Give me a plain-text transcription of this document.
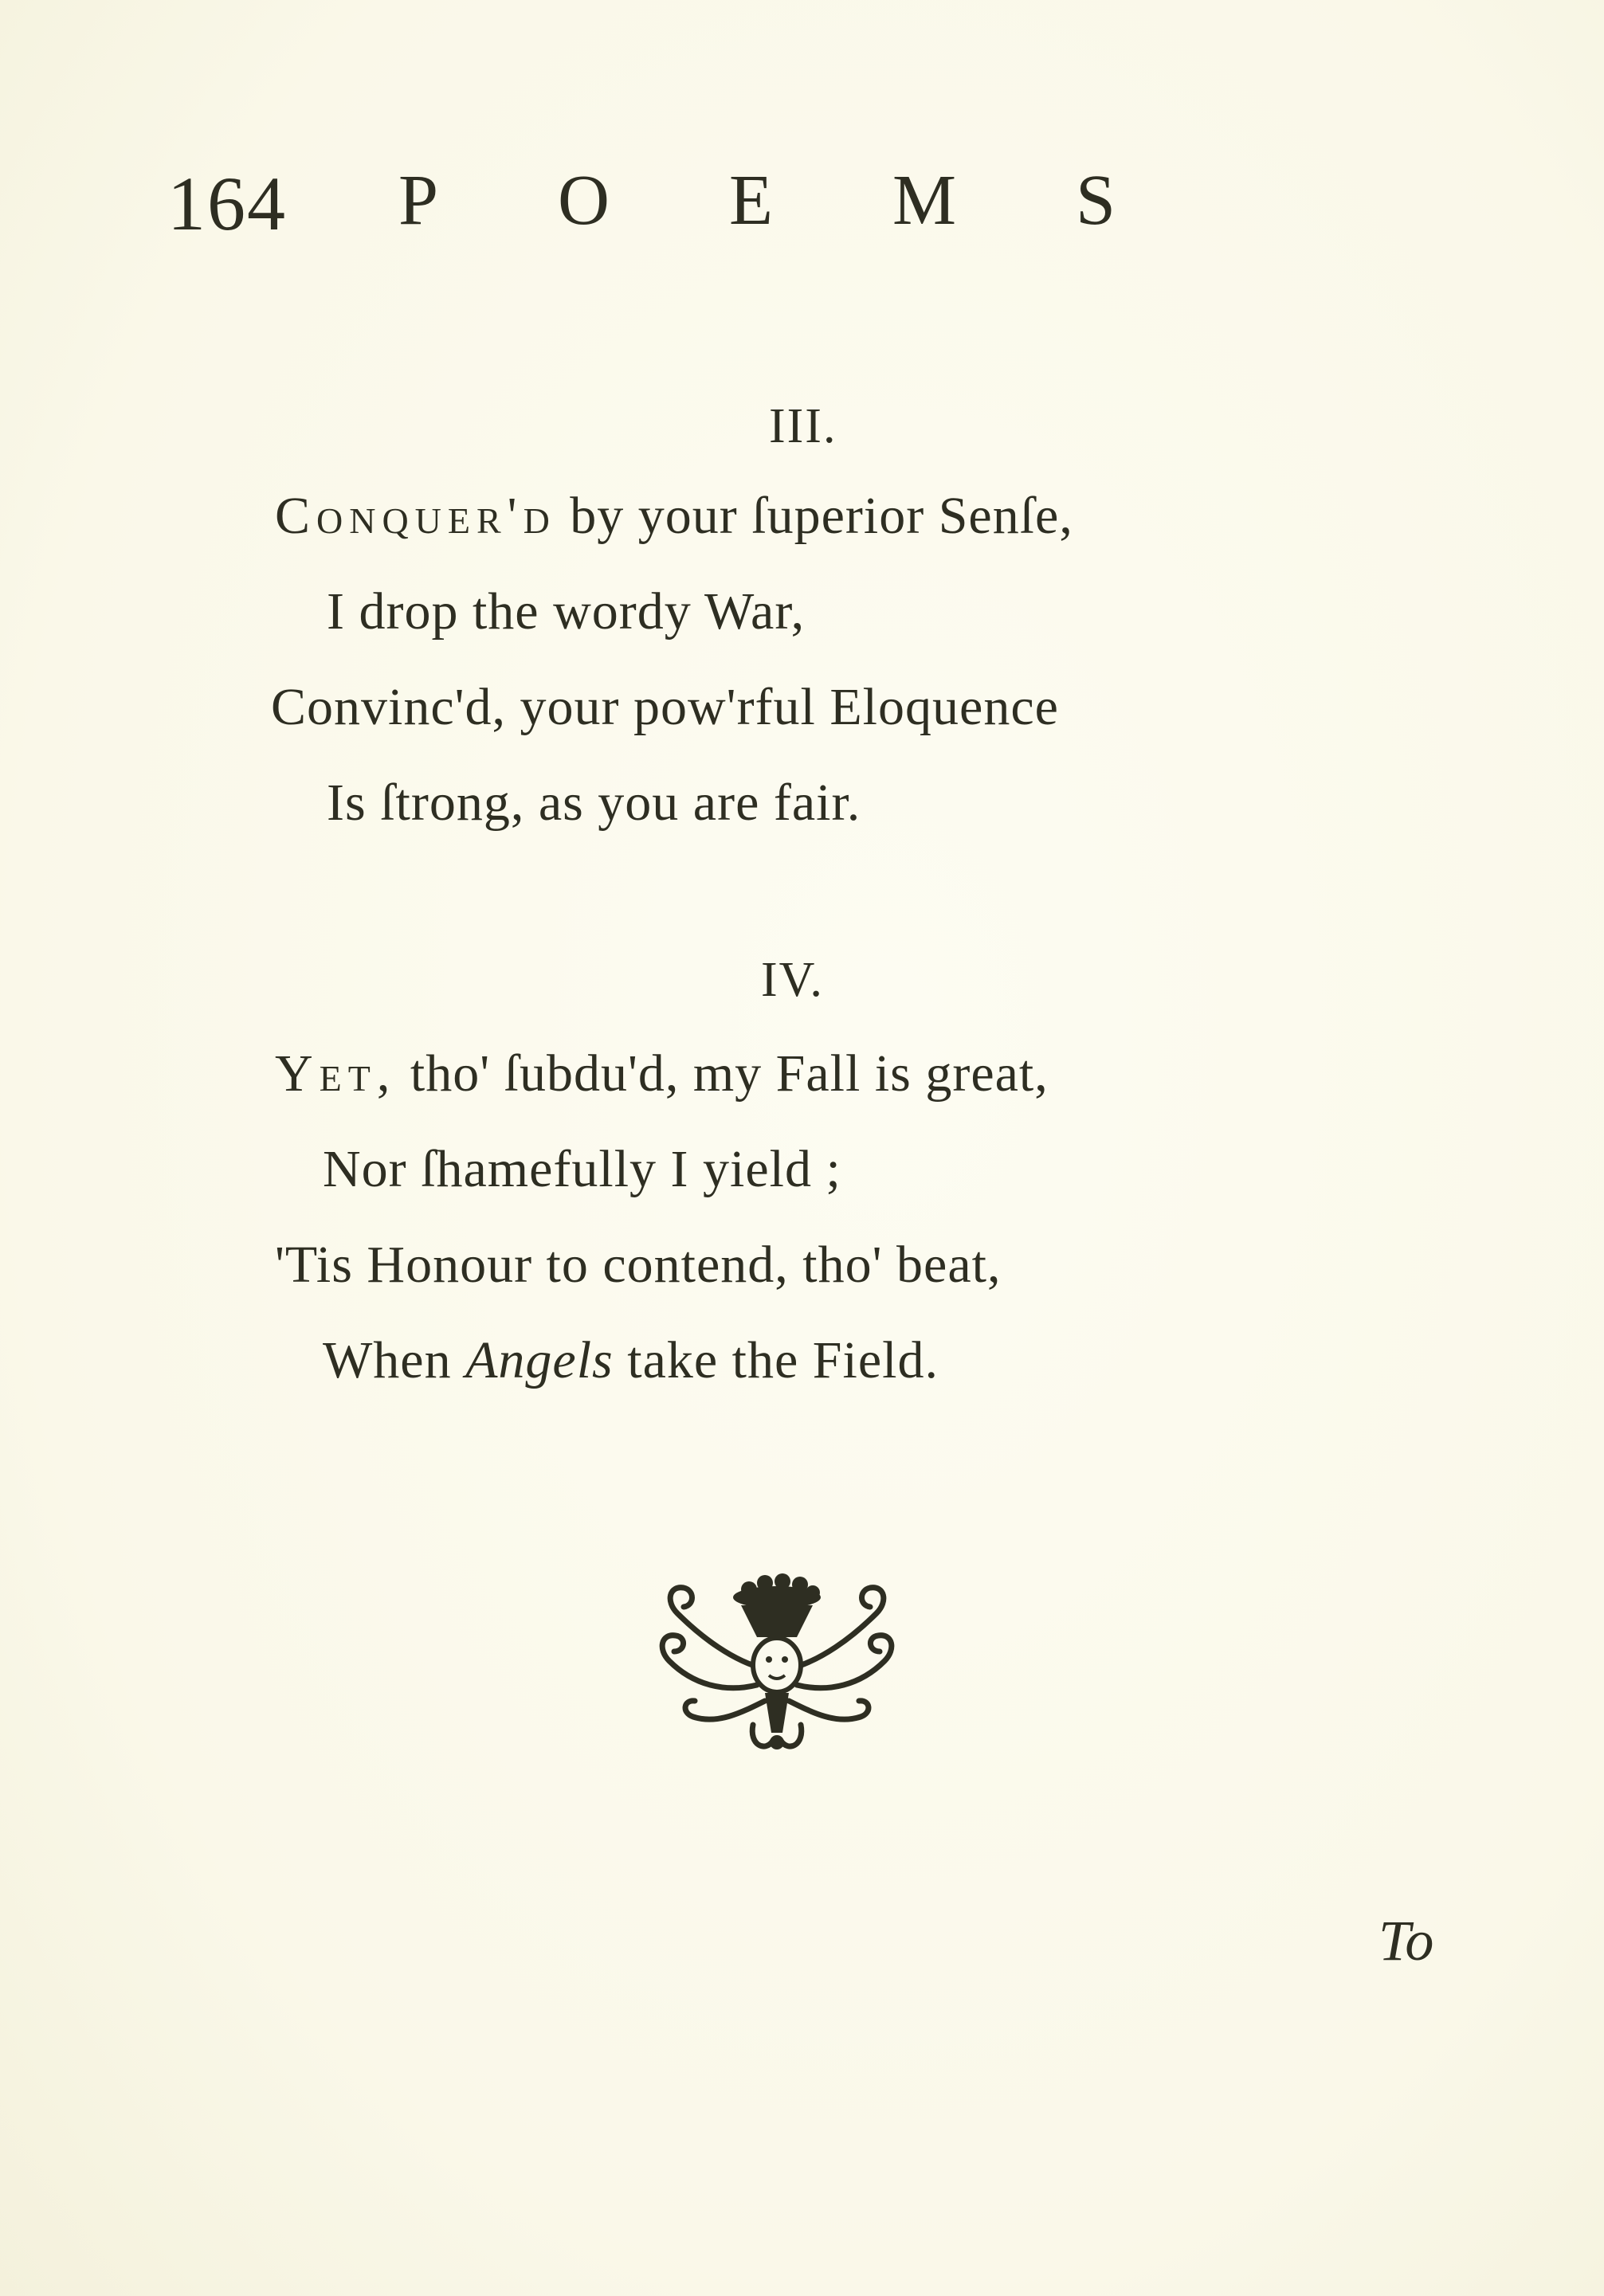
164 POEMS
III.
Conquer'd by your ſuperior Senſe,
I drop the wordy War,
Convinc'd, your pow'rful Eloquence
Is ſtrong, as you are fair.
IV.
Yet, tho' ſubdu'd, my Fall is great,
Nor ſhamefully I yield ;
'Tis Honour to contend, tho' beat,
When Angels take the Field.
To
